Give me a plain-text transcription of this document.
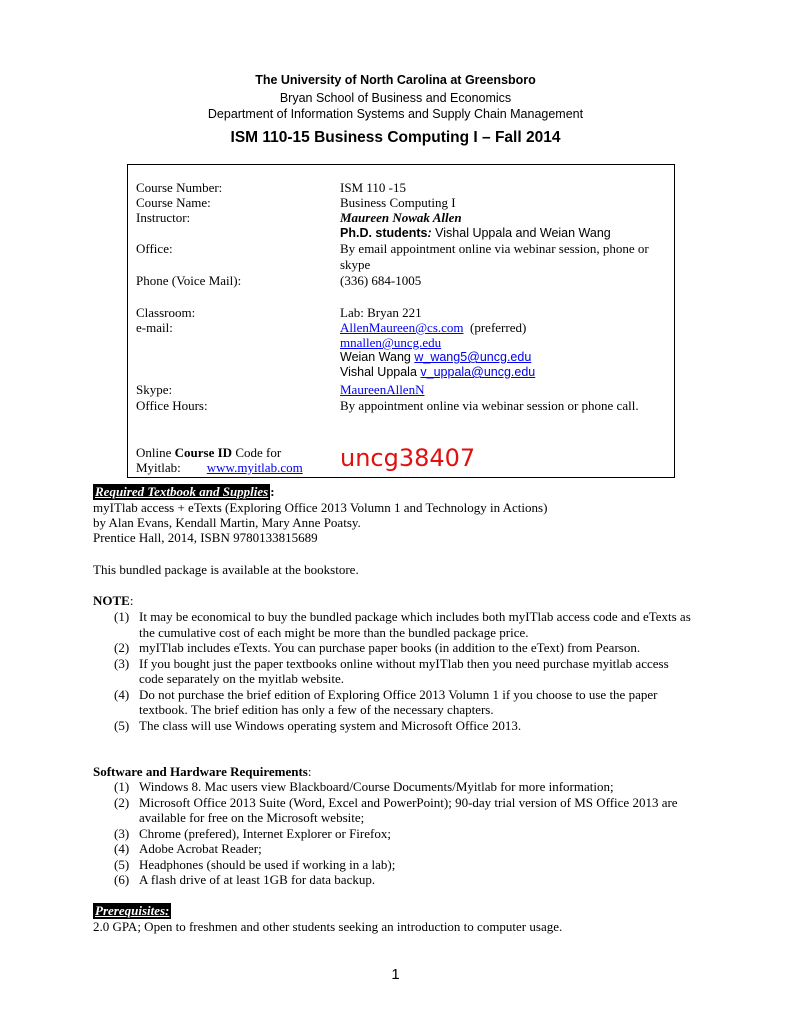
The University of North Carolina at Greensboro
Bryan School of Business and Economics
Department of Information Systems and Supply Chain Management
ISM 110-15 Business Computing I – Fall 2014
Course Number:	ISM 110 -15
Course Name:	Business Computing I
Instructor:	Maureen Nowak Allen
Ph.D. students: Vishal Uppala and Weian Wang
Office:	By email appointment online via webinar session, phone or skype
Phone (Voice Mail):	(336) 684-1005
Classroom:	Lab: Bryan 221
e-mail:	AllenMaureen@cs.com (preferred)
mnallen@uncg.edu
Weian Wang w_wang5@uncg.edu
Vishal Uppala v_uppala@uncg.edu
Skype:	MaureenAllenN
Office Hours:	By appointment online via webinar session or phone call.
Online Course ID Code for
Myitlab: www.myitlab.com uncg38407
Required Textbook and Supplies :
myITlab access + eTexts (Exploring Office 2013 Volumn 1 and Technology in Actions)
by Alan Evans, Kendall Martin, Mary Anne Poatsy.
Prentice Hall, 2014, ISBN 9780133815689
This bundled package is available at the bookstore.
NOTE:
(1) It may be economical to buy the bundled package which includes both myITlab access code and eTexts as the cumulative cost of each might be more than the bundled package price.
(2) myITlab includes eTexts. You can purchase paper books (in addition to the eText) from Pearson.
(3) If you bought just the paper textbooks online without myITlab then you need purchase myitlab access code separately on the myitlab website.
(4) Do not purchase the brief edition of Exploring Office 2013 Volumn 1 if you choose to use the paper textbook. The brief edition has only a few of the necessary chapters.
(5) The class will use Windows operating system and Microsoft Office 2013.
Software and Hardware Requirements:
(1) Windows 8. Mac users view Blackboard/Course Documents/Myitlab for more information;
(2) Microsoft Office 2013 Suite (Word, Excel and PowerPoint); 90-day trial version of MS Office 2013 are available for free on the Microsoft website;
(3) Chrome (prefered), Internet Explorer or Firefox;
(4) Adobe Acrobat Reader;
(5) Headphones (should be used if working in a lab);
(6) A flash drive of at least 1GB for data backup.
Prerequisites:
2.0 GPA; Open to freshmen and other students seeking an introduction to computer usage.
1
